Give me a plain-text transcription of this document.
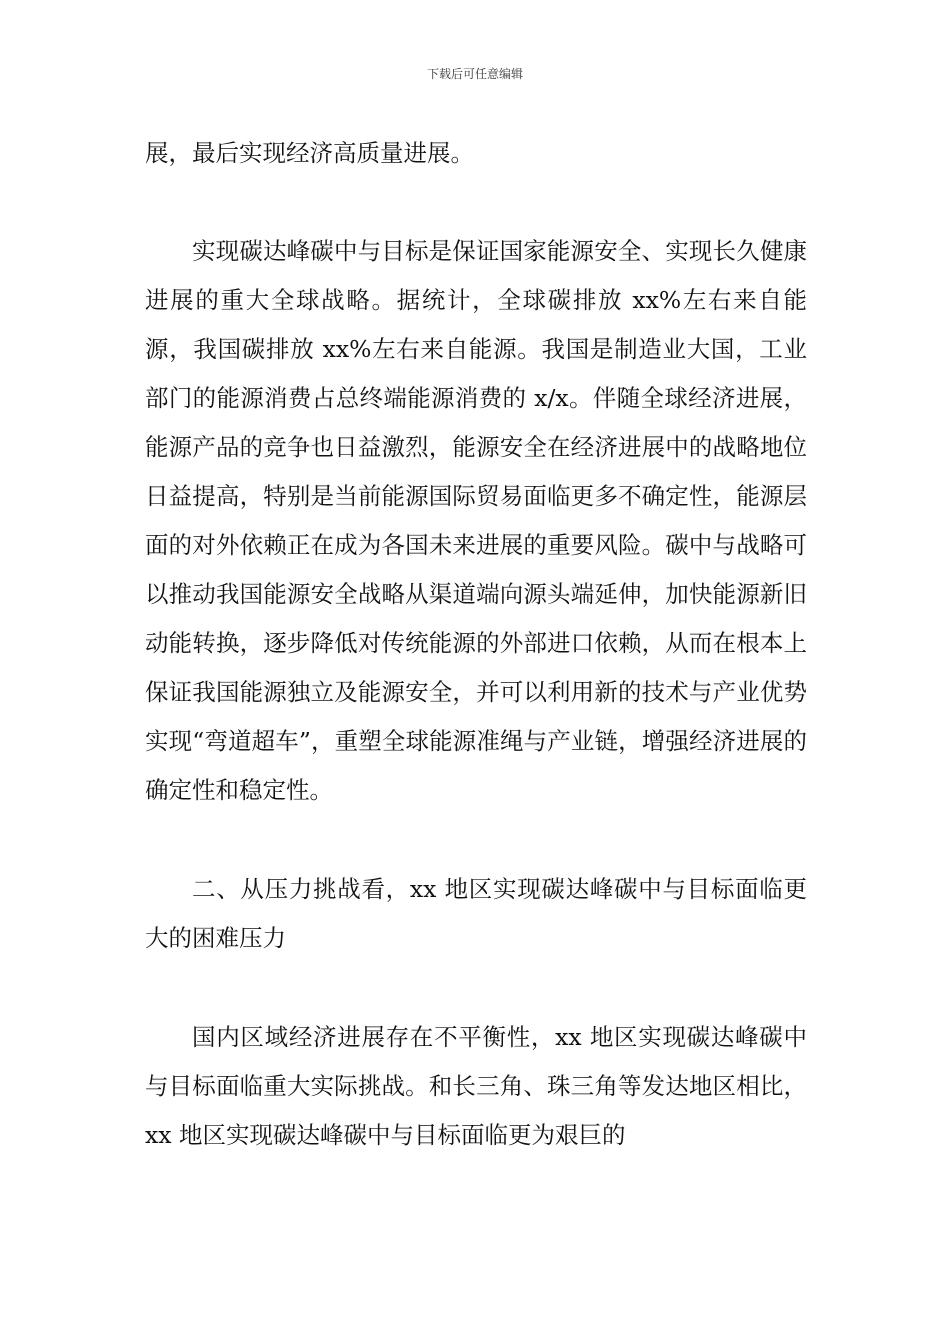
下载后可任意编辑

展，最后实现经济高质量进展。

实现碳达峰碳中与目标是保证国家能源安全、实现长久健康进展的重大全球战略。据统计，全球碳排放 xx%左右来自能源，我国碳排放 xx%左右来自能源。我国是制造业大国，工业部门的能源消费占总终端能源消费的 x/x。伴随全球经济进展，能源产品的竞争也日益激烈，能源安全在经济进展中的战略地位日益提高，特别是当前能源国际贸易面临更多不确定性，能源层面的对外依赖正在成为各国未来进展的重要风险。碳中与战略可以推动我国能源安全战略从渠道端向源头端延伸，加快能源新旧动能转换，逐步降低对传统能源的外部进口依赖，从而在根本上保证我国能源独立及能源安全，并可以利用新的技术与产业优势实现“弯道超车”，重塑全球能源准绳与产业链，增强经济进展的确定性和稳定性。

二、从压力挑战看，xx 地区实现碳达峰碳中与目标面临更大的困难压力

国内区域经济进展存在不平衡性，xx 地区实现碳达峰碳中与目标面临重大实际挑战。和长三角、珠三角等发达地区相比，xx 地区实现碳达峰碳中与目标面临更为艰巨的
